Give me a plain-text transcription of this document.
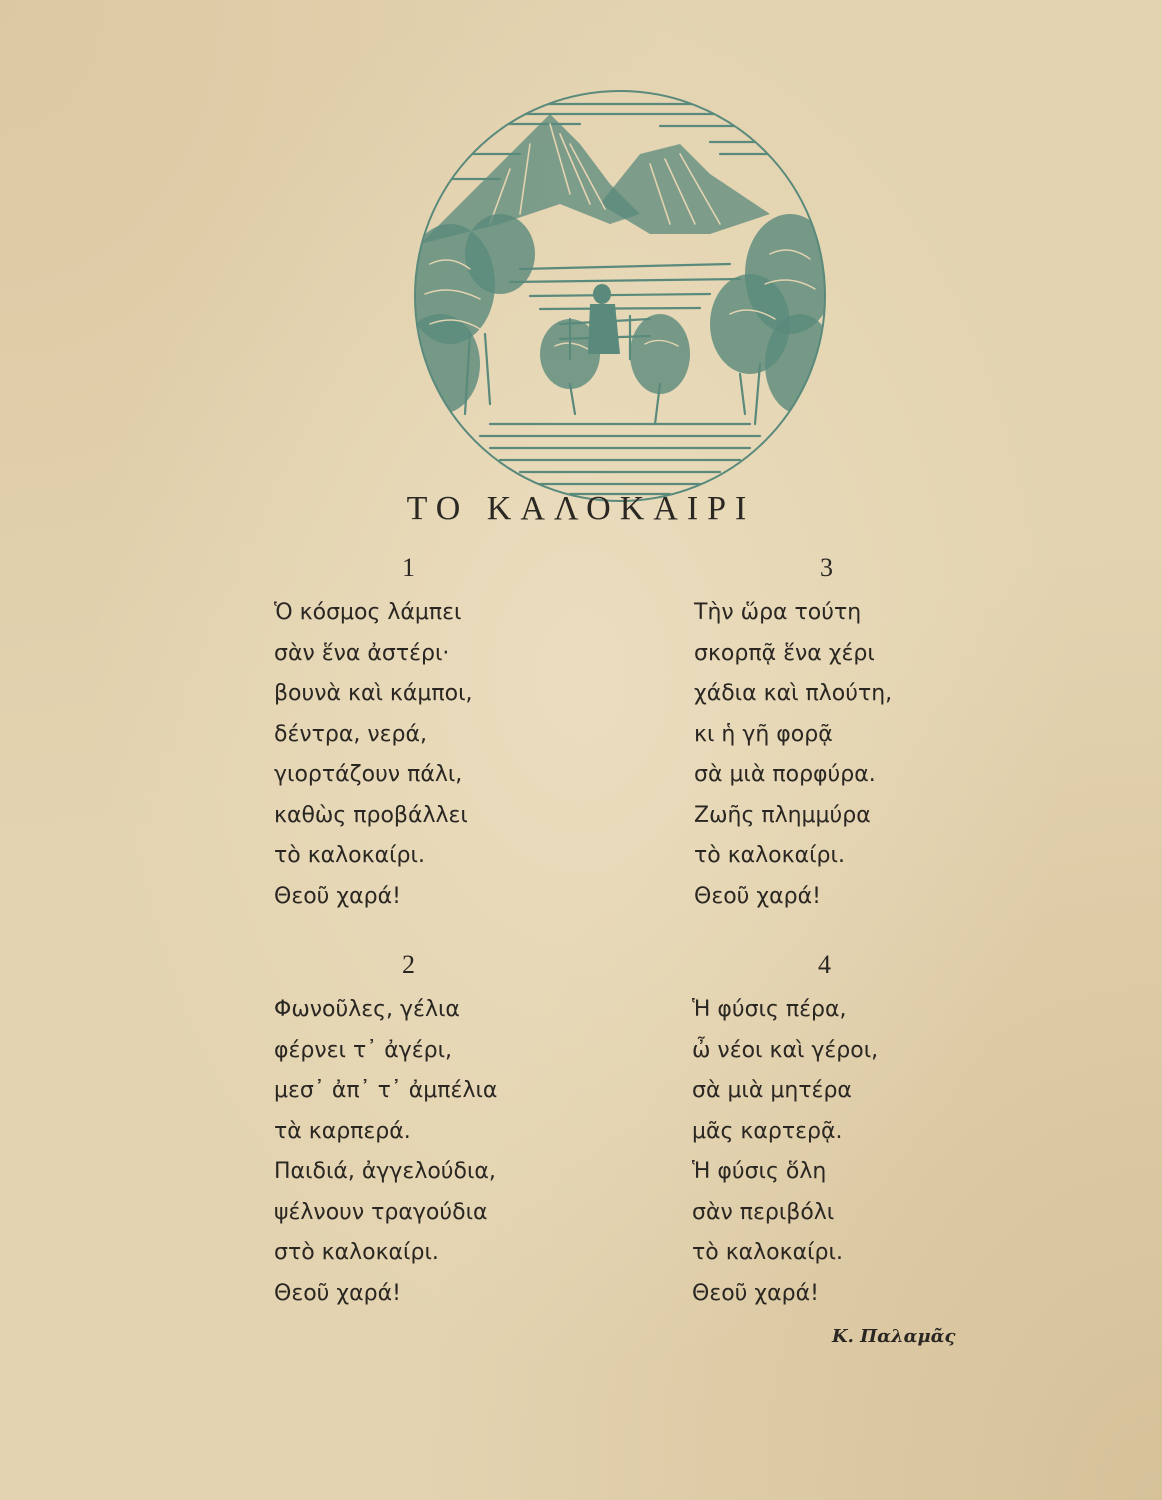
ΤΟ ΚΑΛΟΚΑΙΡΙ
1
Ὁ κόσμος λάμπει
σὰν ἕνα ἀστέρι·
βουνὰ καὶ κάμποι,
δέντρα, νερά,
γιορτάζουν πάλι,
καθὼς προβάλλει
τὸ καλοκαίρι.
Θεοῦ χαρά!
3
Τὴν ὥρα τούτη
σκορπᾷ ἕνα χέρι
χάδια καὶ πλούτη,
κι ἡ γῆ φορᾷ
σὰ μιὰ πορφύρα.
Ζωῆς πλημμύρα
τὸ καλοκαίρι.
Θεοῦ χαρά!
2
Φωνοῦλες, γέλια
φέρνει τ᾽ ἀγέρι,
μεσ᾽ ἀπ᾽ τ᾽ ἀμπέλια
τὰ καρπερά.
Παιδιά, ἀγγελούδια,
ψέλνουν τραγούδια
στὸ καλοκαίρι.
Θεοῦ χαρά!
4
Ἡ φύσις πέρα,
ὦ νέοι καὶ γέροι,
σὰ μιὰ μητέρα
μᾶς καρτερᾷ.
Ἡ φύσις ὅλη
σὰν περιβόλι
τὸ καλοκαίρι.
Θεοῦ χαρά!
Κ. Παλαμᾶς
